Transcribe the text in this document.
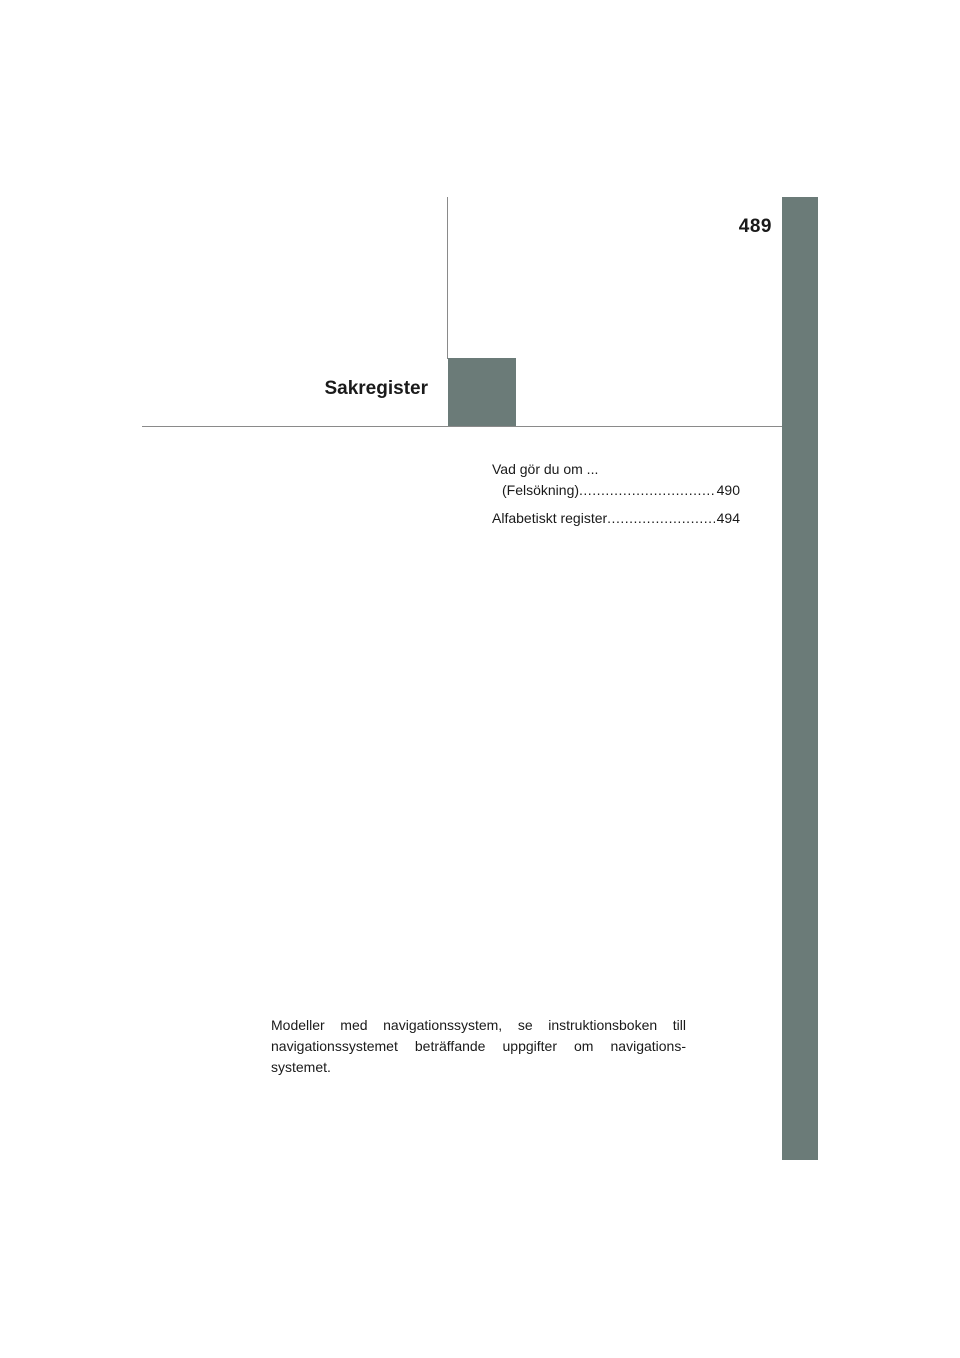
489
Sakregister
Vad gör du om ...
(Felsökning) .....	490
Alfabetiskt register .....	494
Modeller med navigationssystem, se instruktionsboken till navigationssystemet beträffande uppgifter om navigations-systemet.
